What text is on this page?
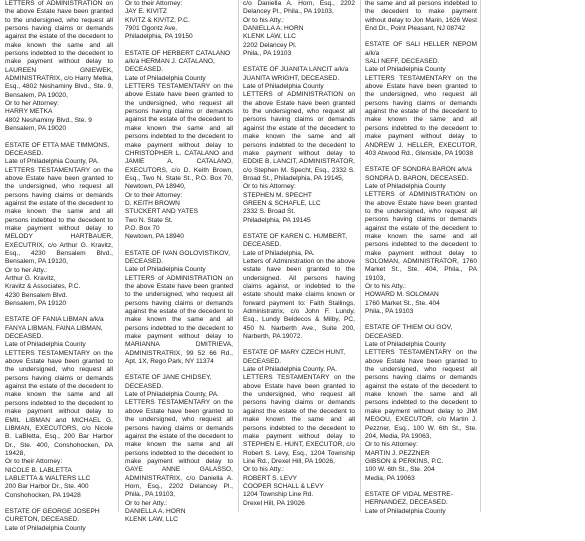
LETTERS of ADMINISTRATION on the above Estate have been granted to the undersigned, who request all persons having claims or demands against the estate of the decedent to make known the same and all persons indebted to the decedent to make payment without delay to LAUREEN GNIEWEK, ADMINISTRATRIX, c/o Harry Metka, Esq., 4802 Neshaminy Blvd., Ste. 9, Bensalem, PA 19020,

Or to her Attorney:
HARRY METKA
4802 Neshaminy Blvd., Ste. 9
Bensalem, PA 19020

ESTATE OF ETTA MAE TIMMONS,
DECEASED.
Late of Philadelphia County, PA.

LETTERS TESTAMENTARY on the above Estate have been granted to the undersigned, who request all persons having claims or demands against the estate of the decedent to make known the same and all persons indebted to the decedent to make payment without delay to MELODY HARTBAUER, EXECUTRIX, c/o Arthur G. Kravitz, Esq., 4230 Bensalem Blvd., Bensalem, PA 19120,

Or to her Atty.:
Arthur G. Kravitz,
Kravitz & Associates, P.C.
4230 Bensalem Blvd.
Bensalem, PA 19120

ESTATE OF FANIA LIBMAN a/k/a
FANYA LIBMAN, FAINA LIBMAN,
DECEASED.
Late of Philadelphia County

LETTERS TESTAMENTARY on the above Estate have been granted to the undersigned, who request all persons having claims or demands against the estate of the decedent to make known the same and all persons indebted to the decedent to make payment without delay to EMIL LIBMAN and MICHAEL G. LIBMAN, EXECUTORS, c/o Nicole B. LaBletta, Esq., 200 Bar Harbor Dr., Ste. 400, Conshohocken, PA 19428,

Or to their Attorney:
NICOLE B. LABLETTA
LABLETTA & WALTERS LLC
200 Bar Harbor Dr., Ste. 400
Conshohocken, PA 19428

ESTATE OF GEORGE JOSEPH
CURETON, DECEASED.
Late of Philadelphia County

Or to their Attorney:
JAY E. KIVITZ
KIVITZ & KIVITZ, P.C.
7901 Ogontz Ave.
Philadelphia, PA 19150

ESTATE OF HERBERT CATALANO
a/k/a HERMAN J. CATALANO,
DECEASED.
Late of Philadelphia County

LETTERS TESTAMENTARY on the above Estate have been granted to the undersigned, who request all persons having claims or demands against the estate of the decedent to make known the same and all persons indebted to the decedent to make payment without delay to CHRISTOPHER L. CATALANO and JAMIE A. CATALANO, EXECUTORS, c/o D. Keith Brown, Esq., Two N. State St., P.O. Box 70, Newtown, PA 18940,

Or to their Attorney:
D. KEITH BROWN
STUCKERT AND YATES
Two N. State St.
P.O. Box 70
Newtown, PA 18940

ESTATE OF IVAN GOLOVISTIKOV,
DECEASED.
Late of Philadelphia County

LETTERS of ADMINISTRATION on the above Estate have been granted to the undersigned, who request all persons having claims or demands against the estate of the decedent to make known the same and all persons indebted to the decedent to make payment without delay to MARIANNA DMITRIEVA, ADMINISTRATRIX, 99 52 66 Rd., Apt. 1X, Rego Park, NY 11374

ESTATE OF JANE CHIDSEY,
DECEASED.
Late of Philadelphia County, PA.

LETTERS TESTAMENTARY on the above Estate have been granted to the undersigned, who request all persons having claims or demands against the estate of the decedent to make known the same and all persons indebted to the decedent to make payment without delay to GAYE ANNE GALASSO, ADMINISTRATRIX, c/o Daniella A. Horn, Esq., 2202 Delancey Pl., Phila., PA 19103,

Or to her Atty.:
DANIELLA A. HORN
KLENK LAW, LLC

c/o Daniella A. Horn, Esq., 2202 Delancey Pl., Phila., PA 19103,

Or to his Atty.:
DANIELLA A. HORN
KLENK LAW, LLC
2202 Delancey Pl.
Phila., PA 19103

ESTATE OF JUANITA LANCIT a/k/a
JUANITA WRIGHT, DECEASED.
Late of Philadelphia County

LETTERS of ADMINISTRATION on the above Estate have been granted to the undersigned, who request all persons having claims or demands against the estate of the decedent to make known the same and all persons indebted to the decedent to make payment without delay to EDDIE B. LANCIT, ADMINISTRATOR, c/o Stephen M. Specht, Esq., 2332 S. Broad St., Philadelphia, PA 19145,

Or to his Attorney:
STEPHEN M. SPECHT
GREEN & SCHAFLE, LLC
2332 S. Broad St.
Philadelphia, PA 19145

ESTATE OF KAREN C. HUMBERT,
DECEASED.
Late of Philadelphia, PA.

Letters of Administration on the above estate have been granted to the undersigned. All persons having claims against, or indebted to the estate should make claims known or forward payment to: Faith Stallings, Administratrix, c/o John F. Lundy, Esq., Lundy Beldecos & Milby, PC, 450 N. Narberth Ave., Suite 200, Narberth, PA 19072.

ESTATE OF MARY CZECH HUNT,
DECEASED.
Late of Philadelphia County, PA.

LETTERS TESTAMENTARY on the above Estate have been granted to the undersigned, who request all persons having claims or demands against the estate of the decedent to make known the same and all persons indebted to the decedent to make payment without delay to STEPHEN E. HUNT, EXECUTOR, c/o Robert S. Levy, Esq., 1204 Township Line Rd., Drexel Hill, PA 19026,

Or to his Atty.:
ROBERT S. LEVY
COOPER SCHALL & LEVY
1204 Township Line Rd.
Drexel Hill, PA 19026

the same and all persons indebted to the decedent to make payment without delay to Jon Marin, 1626 West End Dr., Point Pleasant, NJ 08742

ESTATE OF SALI HELLER NEPOM a/k/a
SALI NEFF, DECEASED.
Late of Philadelphia County

LETTERS TESTAMENTARY on the above Estate have been granted to the undersigned, who request all persons having claims or demands against the estate of the decedent to make known the same and all persons indebted to the decedent to make payment without delay to ANDREW J. HELLER, EXECUTOR, 403 Atwood Rd., Glenside, PA 19038

ESTATE OF SONDRA BARON a/k/a
SONDRA D. BARON, DECEASED.
Late of Philadelphia County

LETTERS of ADMINISTRATION on the above Estate have been granted to the undersigned, who request all persons having claims or demands against the estate of the decedent to make known the same and all persons indebted to the decedent to make payment without delay to SOLOMAN, ADMINISTRATOR, 1760 Market St., Ste. 404, Phila., PA 19103,

Or to his Atty.:
HOWARD M. SOLOMAN
1760 Market St., Ste. 404
Phila., PA 19103

ESTATE OF THIEM OU GOV,
DECEASED.
Late of Philadelphia County

LETTERS TESTAMENTARY on the above Estate have been granted to the undersigned, who request all persons having claims or demands against the estate of the decedent to make known the same and all persons indebted to the decedent to make payment without delay to JIM MEGOU, EXECUTOR, c/o Martin J. Pezzner, Esq., 100 W. 6th St., Ste. 204, Media, PA 19063,

Or to his Attorney:
MARTIN J. PEZZNER
GIBSON & PERKINS, P.C.
100 W. 6th St., Ste. 204
Media, PA 19063

ESTATE OF VIDAL MESTRE-
HERNANDEZ, DECEASED.
Late of Philadelphia County
